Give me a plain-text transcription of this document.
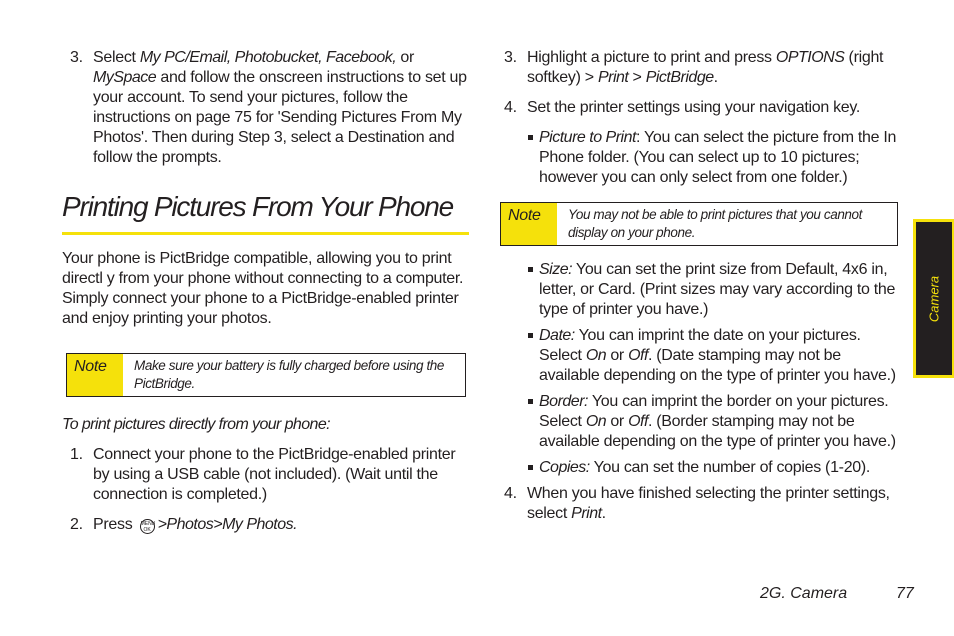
3. Select My PC/Email, Photobucket, Facebook, or MySpace and follow the onscreen instructions to set up your account. To send your pictures, follow the instructions on page 75 for 'Sending Pictures From My Photos'. Then during Step 3, select a Destination and follow the prompts.
Printing Pictures From Your Phone
Your phone is PictBridge compatible, allowing you to print directl y from your phone without connecting to a computer. Simply connect your phone to a PictBridge-enabled printer and enjoy printing your photos.
Note	Make sure your battery is fully charged before using the PictBridge.
To print pictures directly from your phone:
1. Connect your phone to the PictBridge-enabled printer by using a USB cable (not included). (Wait until the connection is completed.)
2. Press MENU
OK >Photos>My Photos.
3. Highlight a picture to print and press OPTIONS (right softkey) > Print > PictBridge.
4. Set the printer settings using your navigation key.
Picture to Print: You can select the picture from the In Phone folder. (You can select up to 10 pictures; however you can only select from one folder.)
Note	You may not be able to print pictures that you cannot display on your phone.
Size: You can set the print size from Default, 4x6 in, letter, or Card. (Print sizes may vary according to the type of printer you have.)
Date: You can imprint the date on your pictures. Select On or Off. (Date stamping may not be available depending on the type of printer you have.)
Border: You can imprint the border on your pictures. Select On or Off. (Border stamping may not be available depending on the type of printer you have.)
Copies: You can set the number of copies (1-20).
4. When you have finished selecting the printer settings, select Print.
Camera
2G. Camera	77
